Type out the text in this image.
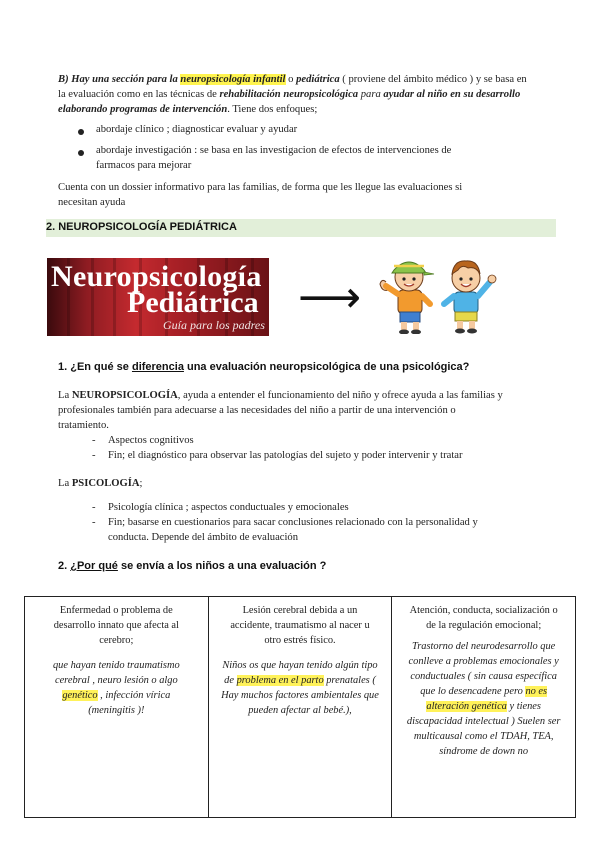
B) Hay una sección para la neuropsicología infantil o pediátrica ( proviene del ámbito médico ) y se basa en
la evaluación como en las técnicas de rehabilitación neuropsicológica para ayudar al niño en su desarrollo
elaborando programas de intervención. Tiene dos enfoques;
abordaje clínico ; diagnosticar evaluar y ayudar
abordaje investigación : se basa en las investigacion de efectos de intervenciones de
farmacos para mejorar
Cuenta con un dossier informativo para las familias, de forma que les llegue las evaluaciones si
necesitan ayuda
2. NEUROPSICOLOGÍA PEDIÁTRICA
Neuropsicología
Pediátrica
Guía para los padres
⟶
1. ¿En qué se diferencia una evaluación neuropsicológica de una psicológica?
La NEUROPSICOLOGÍA, ayuda a entender el funcionamiento del niño y ofrece ayuda a las familias y
profesionales también para adecuarse a las necesidades del niño a partir de una intervención o
tratamiento.
- Aspectos cognitivos
- Fin; el diagnóstico para observar las patologías del sujeto y poder intervenir y tratar
La PSICOLOGÍA;
- Psicología clínica ; aspectos conductuales y emocionales
- Fin; basarse en cuestionarios para sacar conclusiones relacionado con la personalidad y
conducta. Depende del ámbito de evaluación
2. ¿Por qué se envía a los niños a una evaluación ?
Enfermedad o problema de
desarrollo innato que afecta al
cerebro;
que hayan tenido traumatismo
cerebral , neuro lesión o algo
genético , infección vírica
(meningitis )!

Lesión cerebral debida a un
accidente, traumatismo al nacer u
otro estrés físico.
Niños os que hayan tenido algún tipo
de problema en el parto prenatales (
Hay muchos factores ambientales que
pueden afectar al bebé.),

Atención, conducta, socialización o
de la regulación emocional;
Trastorno del neurodesarrollo que
conlleve a problemas emocionales y
conductuales ( sin causa específica
que lo desencadene pero no es
alteración genética y tienes
discapacidad intelectual ) Suelen ser
multicausal como el TDAH, TEA,
síndrome de down no
